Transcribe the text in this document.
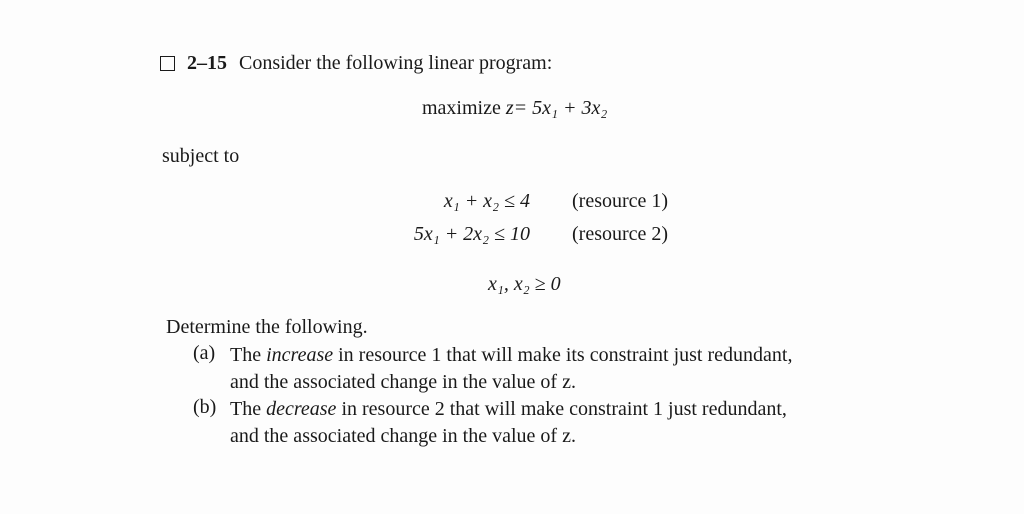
2–15 Consider the following linear program:
maximize z= 5x₁ + 3x₂
subject to
x₁ + x₂ ≤ 4 (resource 1)
5x₁ + 2x₂ ≤ 10 (resource 2)
x₁, x₂ ≥ 0
Determine the following.
(a) The increase in resource 1 that will make its constraint just redundant,
and the associated change in the value of z.
(b) The decrease in resource 2 that will make constraint 1 just redundant,
and the associated change in the value of z.
